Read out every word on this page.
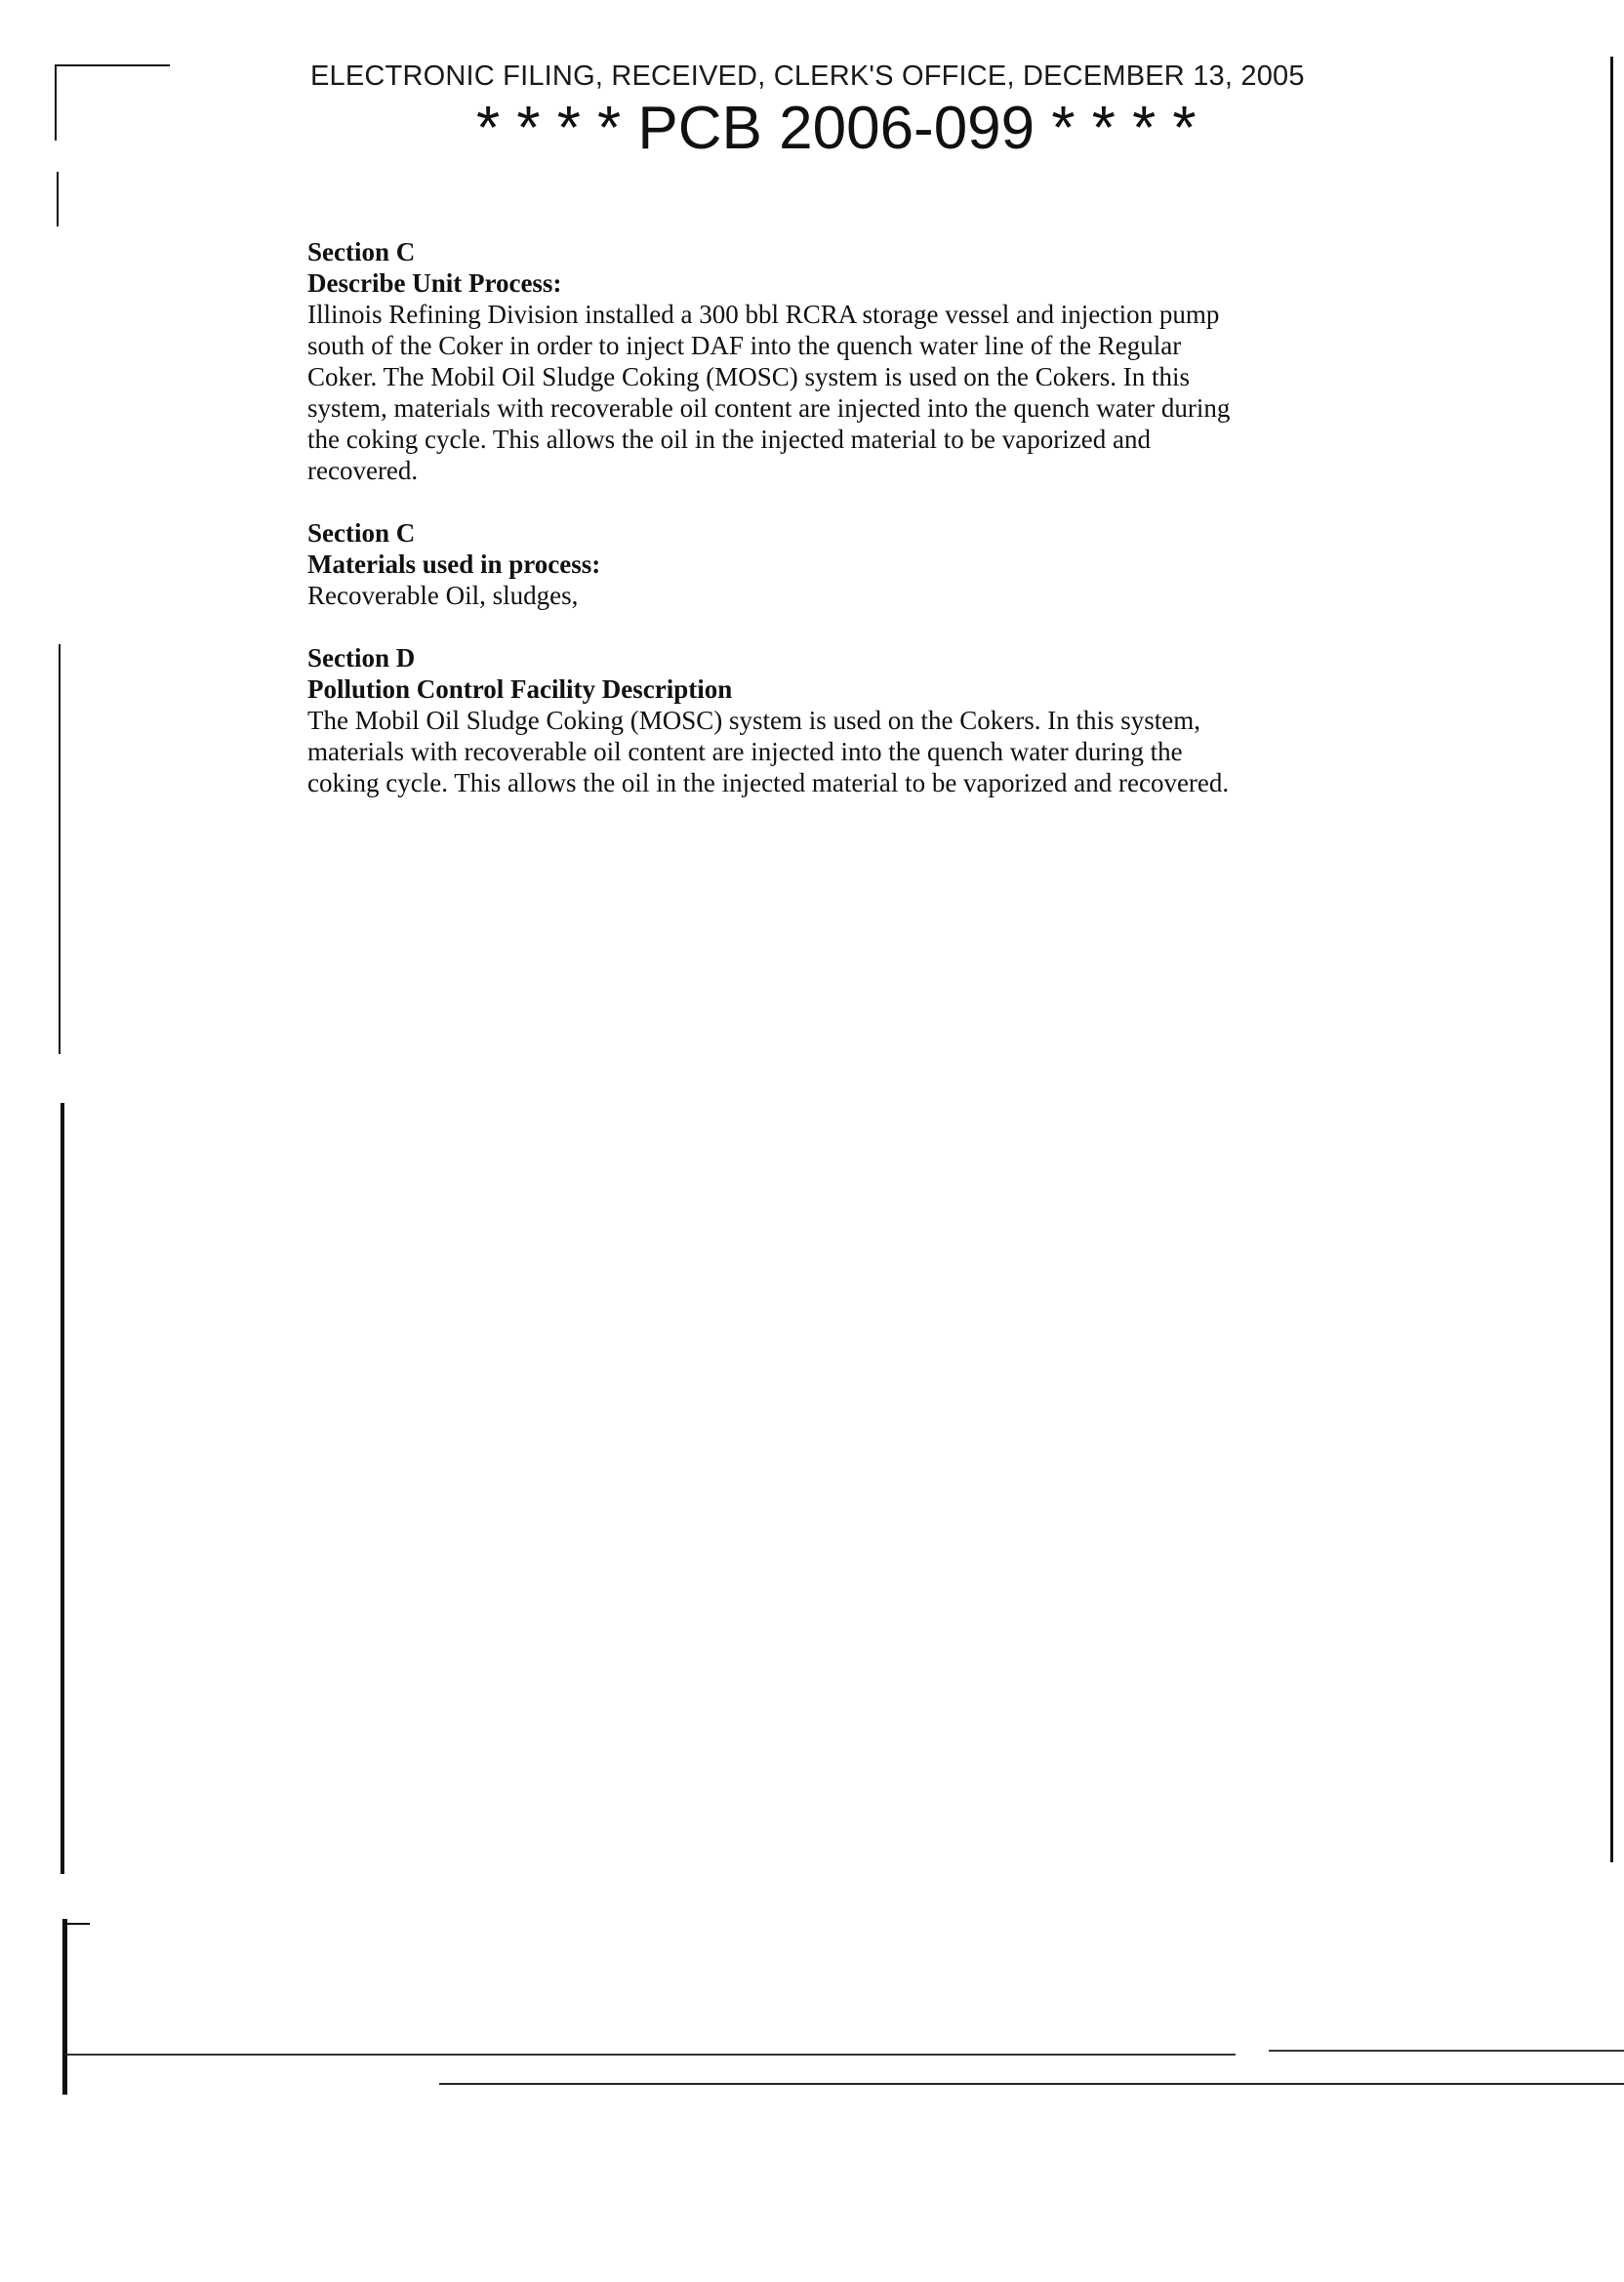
ELECTRONIC FILING, RECEIVED, CLERK'S OFFICE, DECEMBER 13, 2005
* * * * PCB 2006-099 * * * *
Section C
Describe Unit Process:
Illinois Refining Division installed a 300 bbl RCRA storage vessel and injection pump
south of the Coker in order to inject DAF into the quench water line of the Regular
Coker. The Mobil Oil Sludge Coking (MOSC) system is used on the Cokers. In this
system, materials with recoverable oil content are injected into the quench water during
the coking cycle. This allows the oil in the injected material to be vaporized and
recovered.
Section C
Materials used in process:
Recoverable Oil, sludges,
Section D
Pollution Control Facility Description
The Mobil Oil Sludge Coking (MOSC) system is used on the Cokers. In this system,
materials with recoverable oil content are injected into the quench water during the
coking cycle. This allows the oil in the injected material to be vaporized and recovered.
